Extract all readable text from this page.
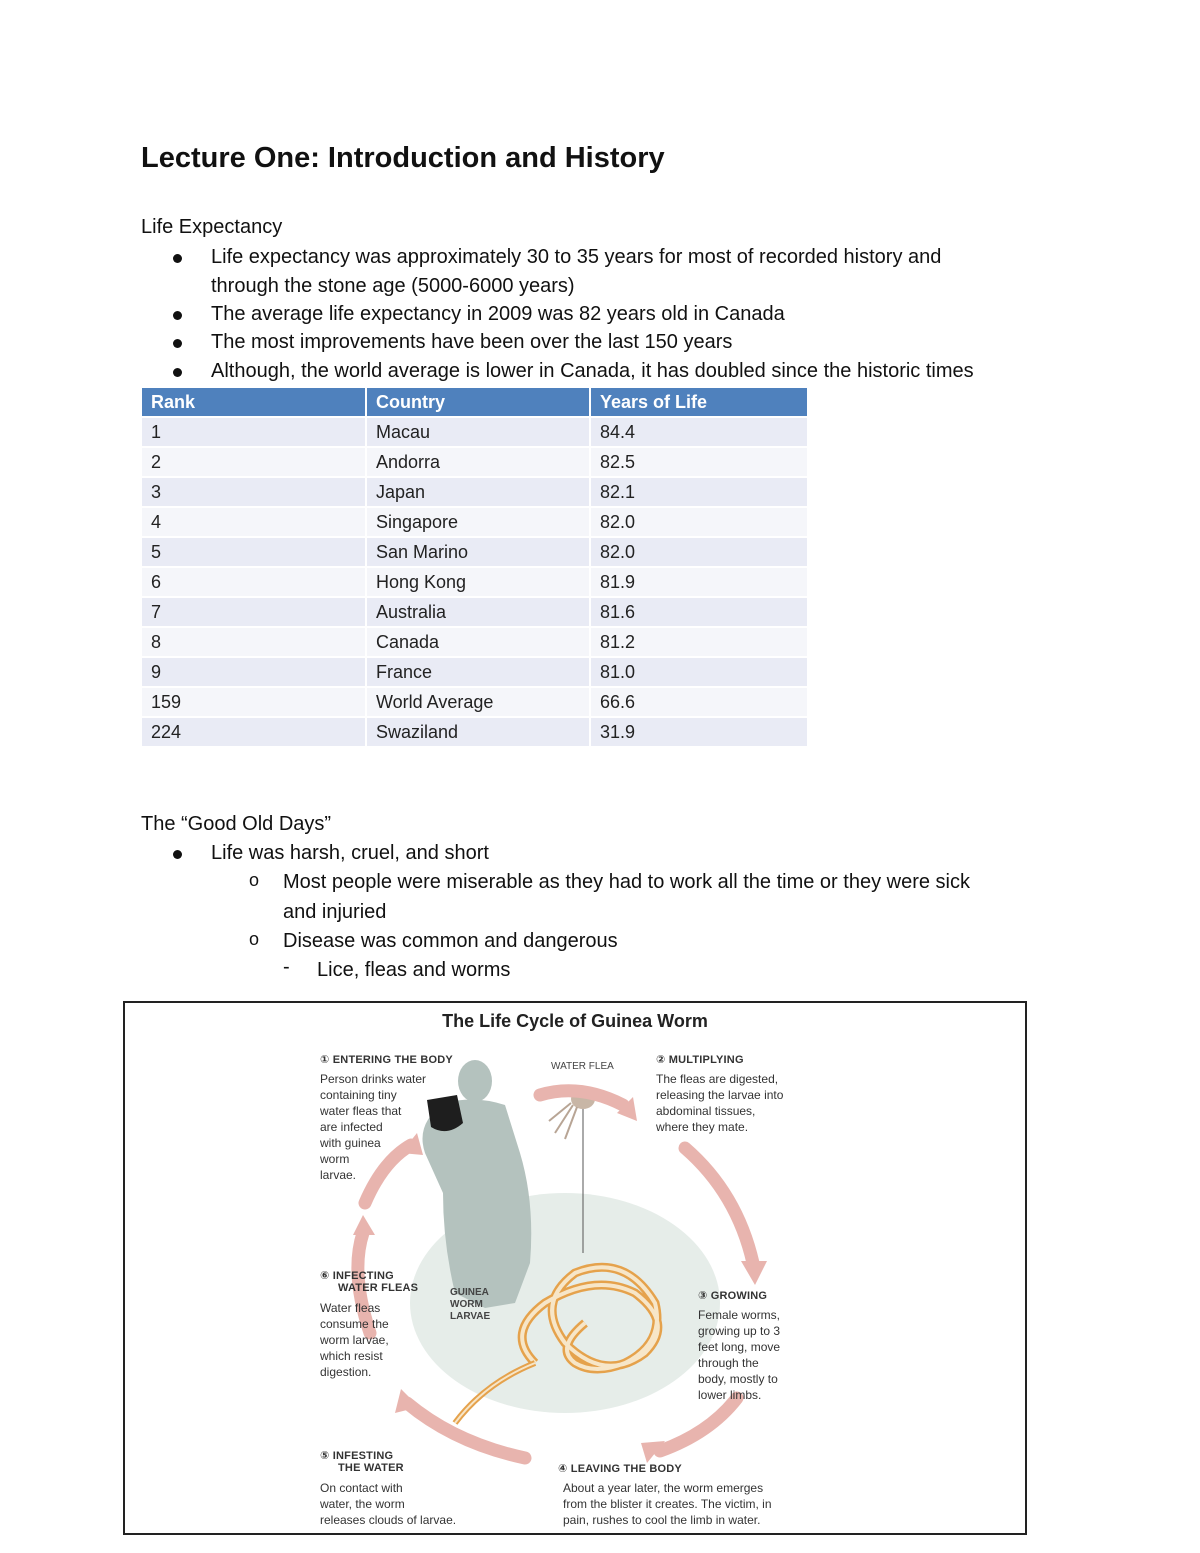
Lecture One: Introduction and History
Life Expectancy
Life expectancy was approximately 30 to 35 years for most of recorded history and
through the stone age (5000-6000 years)
The average life expectancy in 2009 was 82 years old in Canada
The most improvements have been over the last 150 years
Although, the world average is lower in Canada, it has doubled since the historic times
Rank	Country	Years of Life
1	Macau	84.4
2	Andorra	82.5
3	Japan	82.1
4	Singapore	82.0
5	San Marino	82.0
6	Hong Kong	81.9
7	Australia	81.6
8	Canada	81.2
9	France	81.0
159	World Average	66.6
224	Swaziland	31.9
The “Good Old Days”
Life was harsh, cruel, and short
o Most people were miserable as they had to work all the time or they were sick
and injuried
o Disease was common and dangerous
- Lice, fleas and worms
The Life Cycle of Guinea Worm
WATER FLEA
GUINEA
WORM
LARVAE
① ENTERING THE BODY
Person drinks water
containing tiny
water fleas that
are infected
with guinea
worm
larvae.
② MULTIPLYING
The fleas are digested,
releasing the larvae into
abdominal tissues,
where they mate.
③ GROWING
Female worms,
growing up to 3
feet long, move
through the
body, mostly to
lower limbs.
④ LEAVING THE BODY
About a year later, the worm emerges
from the blister it creates. The victim, in
pain, rushes to cool the limb in water.
⑤ INFESTING
THE WATER
On contact with
water, the worm
releases clouds of larvae.
⑥ INFECTING
WATER FLEAS
Water fleas
consume the
worm larvae,
which resist
digestion.
